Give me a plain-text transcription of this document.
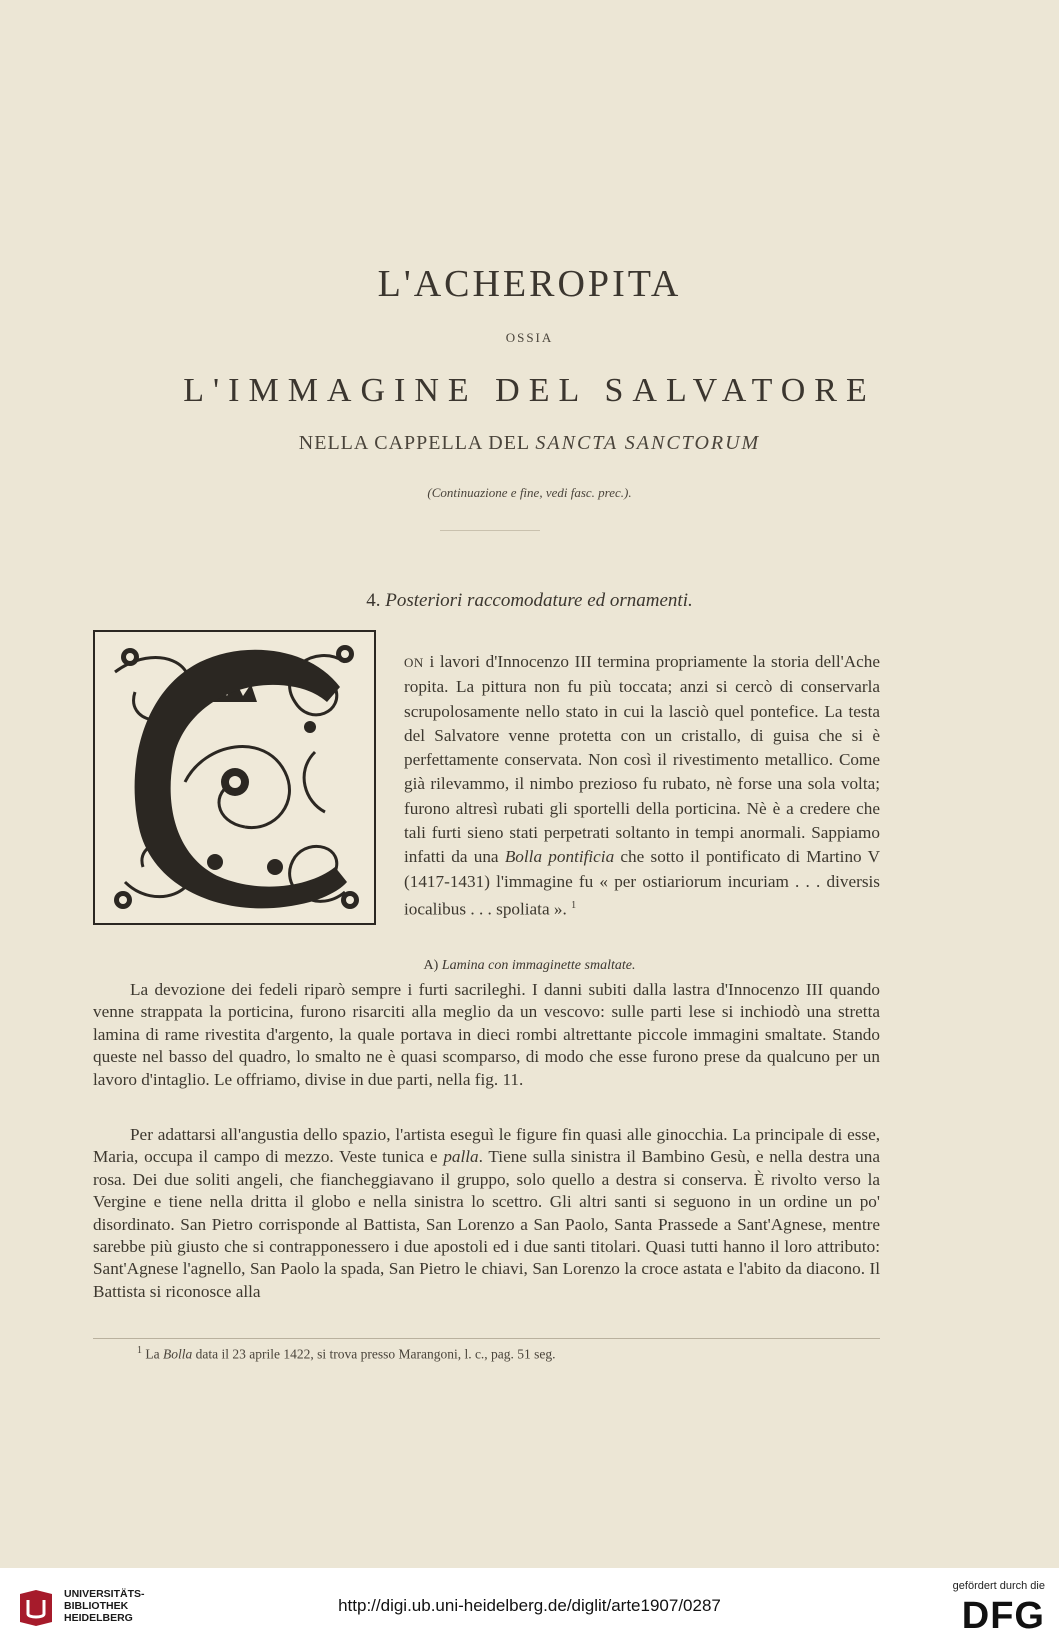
L'ACHEROPITA
OSSIA
L'IMMAGINE DEL SALVATORE
NELLA CAPPELLA DEL SANCTA SANCTORUM
(Continuazione e fine, vedi fasc. prec.).
4. Posteriori raccomodature ed ornamenti.

ON i lavori d'Innocenzo III termina propriamente la storia dell'Ache ropita. La pittura non fu più toccata; anzi si cercò di conservarla scrupolosamente nello stato in cui la lasciò quel pontefice. La testa del Salvatore venne protetta con un cristallo, di guisa che si è perfettamente conservata. Non così il rivestimento metallico. Come già rilevammo, il nimbo prezioso fu rubato, nè forse una sola volta; furono altresì rubati gli sportelli della porticina. Nè è a credere che tali furti sieno stati perpetrati soltanto in tempi anormali. Sappiamo infatti da una Bolla pontificia che sotto il pontificato di Martino V (1417-1431) l'immagine fu « per ostiariorum incuriam . . . diversis iocalibus . . . spoliata ». $^1$

A) Lamina con immaginette smaltate.

La devozione dei fedeli riparò sempre i furti sacrileghi. I danni subiti dalla lastra d'Innocenzo III quando venne strappata la porticina, furono risarciti alla meglio da un vescovo: sulle parti lese si inchiodò una stretta lamina di rame rivestita d'argento, la quale portava in dieci rombi altrettante piccole immagini smaltate. Stando queste nel basso del quadro, lo smalto ne è quasi scomparso, di modo che esse furono prese da qualcuno per un lavoro d'intaglio. Le offriamo, divise in due parti, nella fig. 11.

Per adattarsi all'angustia dello spazio, l'artista eseguì le figure fin quasi alle ginocchia. La principale di esse, Maria, occupa il campo di mezzo. Veste tunica e palla. Tiene sulla sinistra il Bambino Gesù, e nella destra una rosa. Dei due soliti angeli, che fiancheggiavano il gruppo, solo quello a destra si conserva. È rivolto verso la Vergine e tiene nella dritta il globo e nella sinistra lo scettro. Gli altri santi si seguono in un ordine un po' disordinato. San Pietro corrisponde al Battista, San Lorenzo a San Paolo, Santa Prassede a Sant'Agnese, mentre sarebbe più giusto che si contrapponessero i due apostoli ed i due santi titolari. Quasi tutti hanno il loro attributo: Sant'Agnese l'agnello, San Paolo la spada, San Pietro le chiavi, San Lorenzo la croce astata e l'abito da diacono. Il Battista si riconosce alla

$^1$ La Bolla data il 23 aprile 1422, si trova presso Marangoni, l. c., pag. 51 seg.

UNIVERSITÄTS-
BIBLIOTHEK
HEIDELBERG
http://digi.ub.uni-heidelberg.de/diglit/arte1907/0287
gefördert durch die
DFG
